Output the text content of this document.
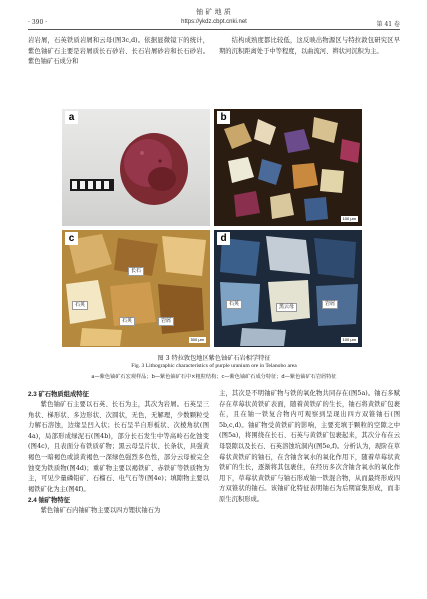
铀 矿 地 质
· 390 ·	https://ykdz.cbpt.cnki.net	第 41 卷

岩岩屑，石英铁质岩屑和云母(图3c,d)。依据显微镜下的统计，紫色铀矿石主要是岩屑质长石砂岩、长石岩屑砂岩和长石砂岩。紫色铀矿石成分和

结构成熟度都比较低，这反映出物源区与特拉敦包研究区早期的沉积距离处于中等程度，以曲流河、辫状河沉积为主。

a	b
100 μm
c
长石
石英
石英	岩屑
500 μm
d
石英	黑云母	岩屑
100 μm
图 3 特拉敦包地区紫色铀矿石岩相学特征
Fig. 3 Lithographic characteristics of purple uranium ore in Telanobo area
a—紫色铀矿石宏观样品；b—紫色铀矿石中×粗粒结构；c—紫色铀矿石成分特征；d—紫色铀矿石岩屑特征
2.3 矿石物质组成特征

紫色铀矿石主要以石英、长石为主，其次为岩屑。石英呈三角状、梯形状、多边形状、次圆状，无色，无解理，少数颗粒受力解石溶蚀，边缘呈凹入状；长石呈半自形板状、次棱角状(图4a)，局部形成绿泥石(图4b)，部分长石发生中等高岭石化蚀变(图4c)，且表面分布铁质矿物；黑云母呈片状、长条状，具强黄褐色一暗褐色或淡黄褐色一深绿色强烈多色性，部分云母被完全蚀变为铁质物(图4d)；重矿物主要以褐铁矿、赤铁矿等铁质物为主，可见少量磷铅矿、石榴石、电气石等(图4e)；填隙物主要以褐铁矿化为主(图4f)。

2.4 铀矿物特征

紫色铀矿石内铀矿物主要以四方锂状铀石为

主，其次是不明铀矿物与铁的氧化物共同存在(图5a)。铀石多赋存在草莓状黄铁矿表面，随着黄铁矿的生长，铀石将黄铁矿包裹在，且在铀一铁复合物内可观察到呈现出四方双锥铀石(图5b,c,d)。铀矿物受黄铁矿的影响，主要充填于颗粒的空隙之中(图5a)，将围绕在长石、石英与黄铁矿包裹起来，其次分布在云母裂隙以及长石、石英溶蚀坑洞内(图5e,f)。分析认为，现阶在草莓状黄铁矿的铀石，在含铀含氧水的氧化作用下，随着草莓状黄铁矿的生长，逐渐将其包裹住，在经历多次含铀含氧水的氧化作用下，草莓状黄铁矿与铀石形成铀一铁混合物，从而最终形成四方双锥状的铀石。该铀矿化特征表明铀石为后期富集形成，而非原生沉积形成。
